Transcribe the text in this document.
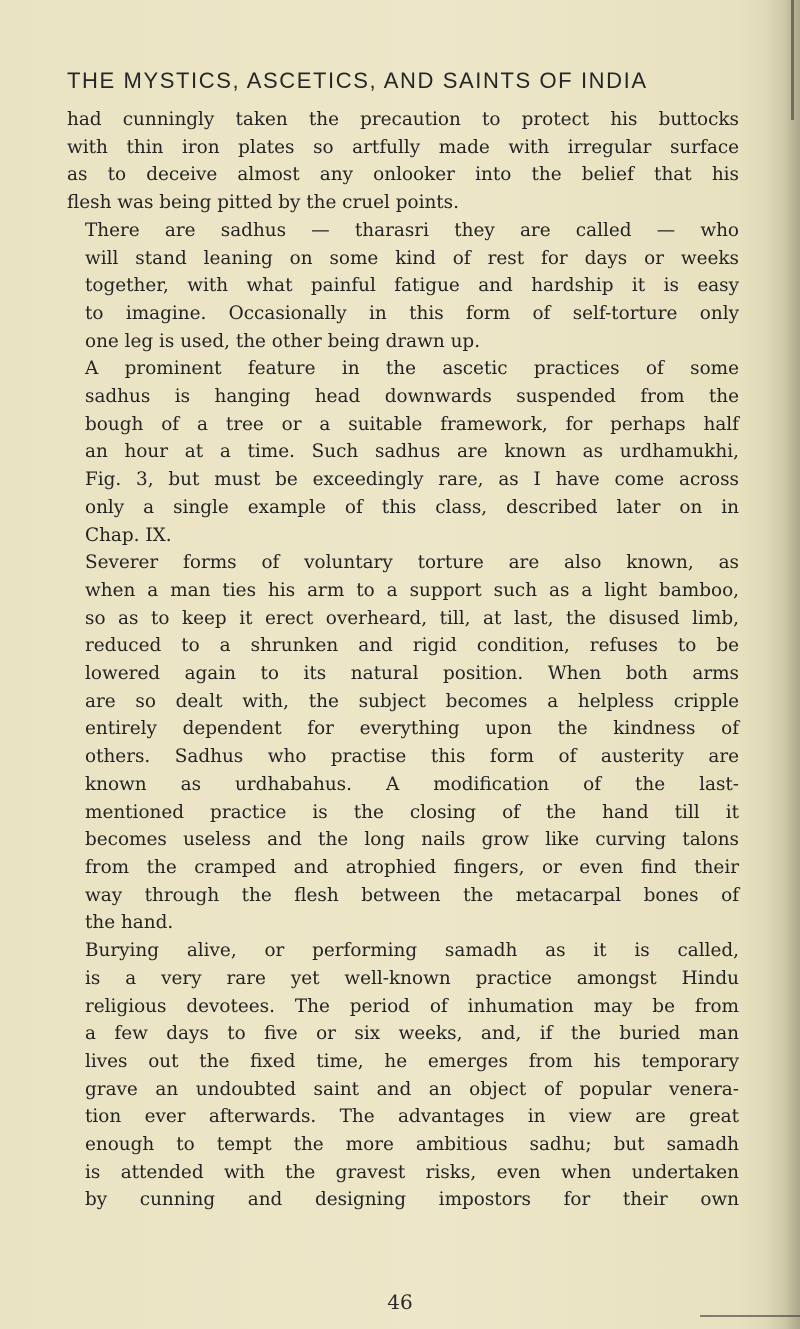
THE MYSTICS, ASCETICS, AND SAINTS OF INDIA

had cunningly taken the precaution to protect his buttocks
with thin iron plates so artfully made with irregular surface
as to deceive almost any onlooker into the belief that his
flesh was being pitted by the cruel points.

There are sadhus — tharasri they are called — who
will stand leaning on some kind of rest for days or weeks
together, with what painful fatigue and hardship it is easy
to imagine. Occasionally in this form of self-torture only
one leg is used, the other being drawn up.

A prominent feature in the ascetic practices of some
sadhus is hanging head downwards suspended from the
bough of a tree or a suitable framework, for perhaps half
an hour at a time. Such sadhus are known as urdhamukhi,
Fig. 3, but must be exceedingly rare, as I have come across
only a single example of this class, described later on in
Chap. IX.

Severer forms of voluntary torture are also known, as
when a man ties his arm to a support such as a light bamboo,
so as to keep it erect overheard, till, at last, the disused limb,
reduced to a shrunken and rigid condition, refuses to be
lowered again to its natural position. When both arms
are so dealt with, the subject becomes a helpless cripple
entirely dependent for everything upon the kindness of
others. Sadhus who practise this form of austerity are
known as urdhabahus. A modification of the last-
mentioned practice is the closing of the hand till it
becomes useless and the long nails grow like curving talons
from the cramped and atrophied fingers, or even find their
way through the flesh between the metacarpal bones of
the hand.

Burying alive, or performing samadh as it is called,
is a very rare yet well-known practice amongst Hindu
religious devotees. The period of inhumation may be from
a few days to five or six weeks, and, if the buried man
lives out the fixed time, he emerges from his temporary
grave an undoubted saint and an object of popular venera-
tion ever afterwards. The advantages in view are great
enough to tempt the more ambitious sadhu; but samadh
is attended with the gravest risks, even when undertaken
by cunning and designing impostors for their own

46
